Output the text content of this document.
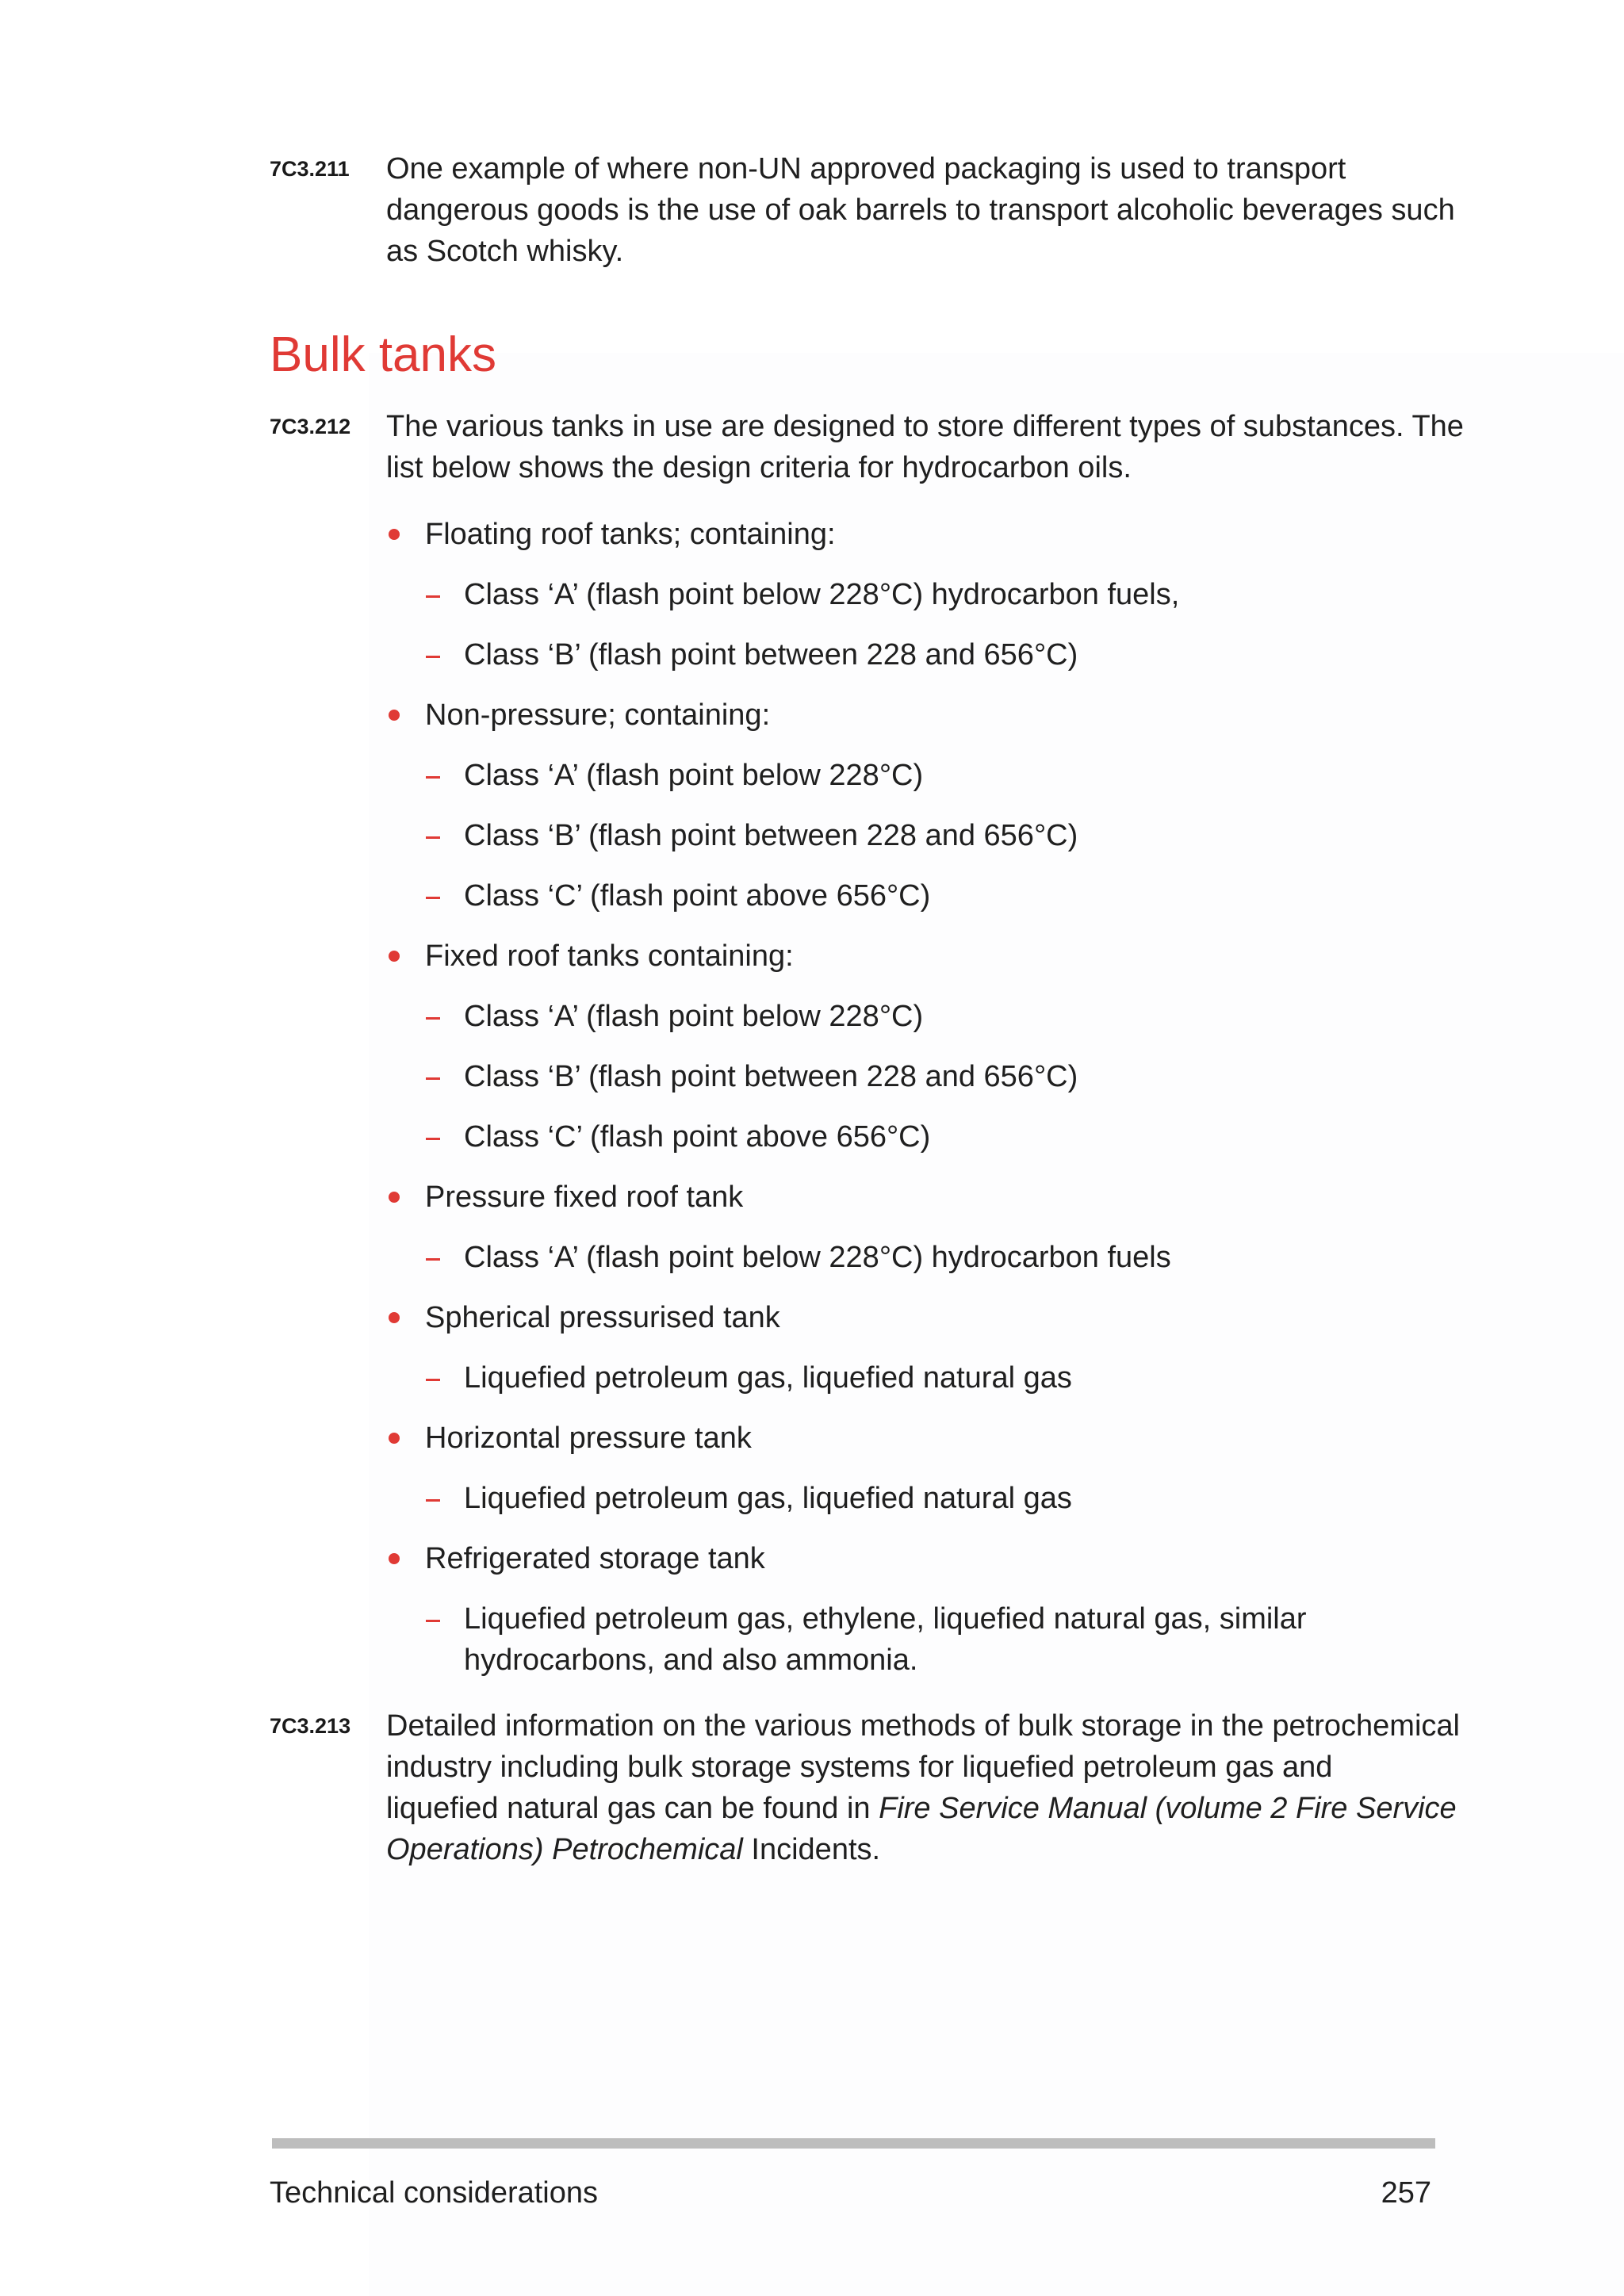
7C3.211 One example of where non-UN approved packaging is used to transport
dangerous goods is the use of oak barrels to transport alcoholic beverages such
as Scotch whisky.
Bulk tanks
7C3.212 The various tanks in use are designed to store different types of substances. The
list below shows the design criteria for hydrocarbon oils.
Floating roof tanks; containing:
Class ‘A’ (flash point below 228°C) hydrocarbon fuels,
Class ‘B’ (flash point between 228 and 656°C)
Non-pressure; containing:
Class ‘A’ (flash point below 228°C)
Class ‘B’ (flash point between 228 and 656°C)
Class ‘C’ (flash point above 656°C)
Fixed roof tanks containing:
Class ‘A’ (flash point below 228°C)
Class ‘B’ (flash point between 228 and 656°C)
Class ‘C’ (flash point above 656°C)
Pressure fixed roof tank
Class ‘A’ (flash point below 228°C) hydrocarbon fuels
Spherical pressurised tank
Liquefied petroleum gas, liquefied natural gas
Horizontal pressure tank
Liquefied petroleum gas, liquefied natural gas
Refrigerated storage tank
Liquefied petroleum gas, ethylene, liquefied natural gas, similar
hydrocarbons, and also ammonia.
7C3.213 Detailed information on the various methods of bulk storage in the petrochemical
industry including bulk storage systems for liquefied petroleum gas and
liquefied natural gas can be found in Fire Service Manual (volume 2 Fire Service
Operations) Petrochemical Incidents.
Technical considerations	257
